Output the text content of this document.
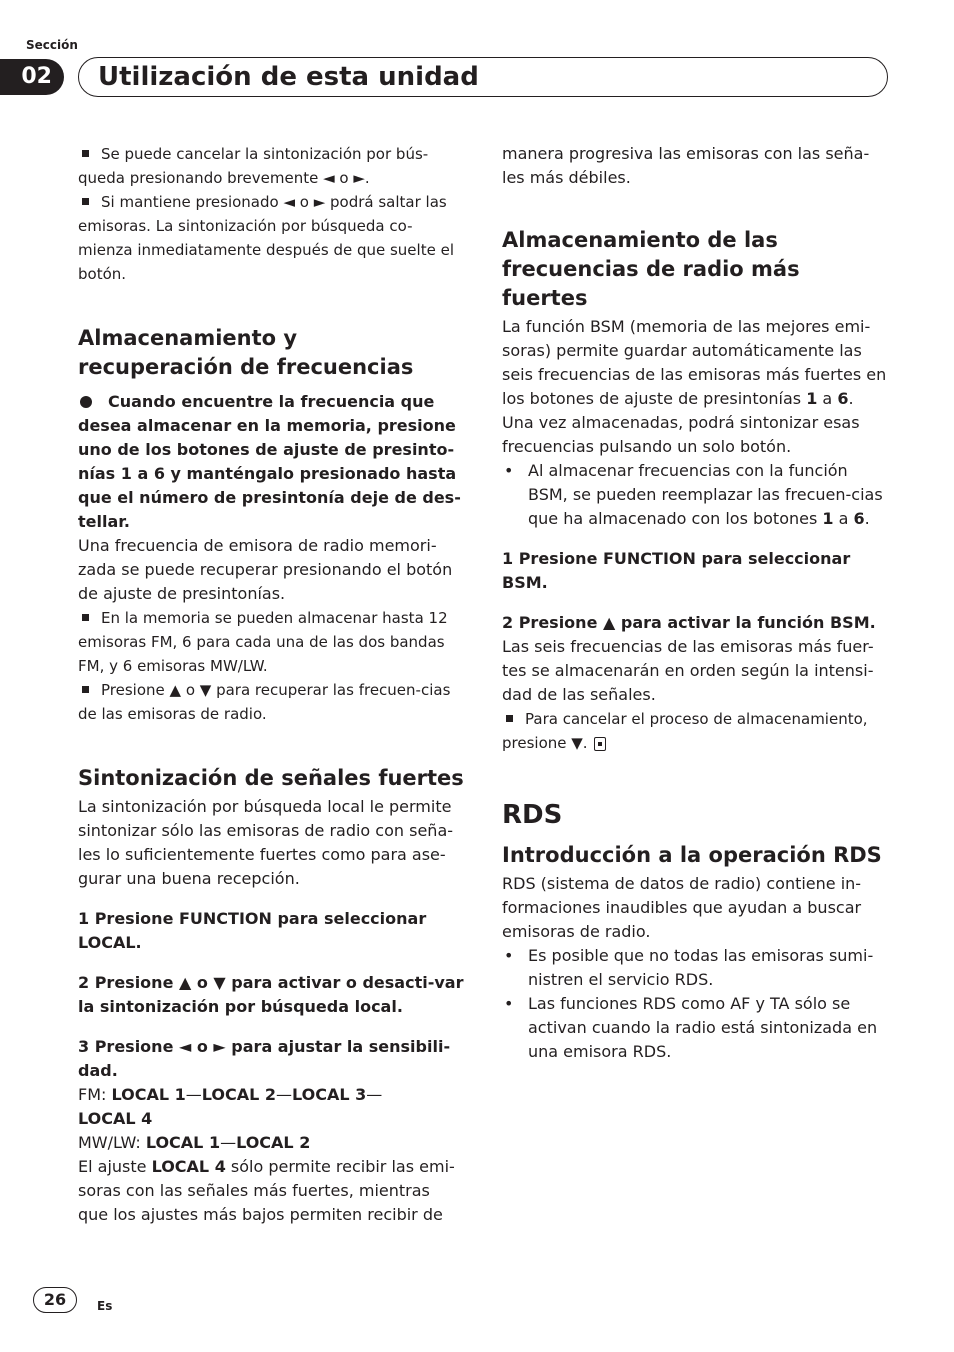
Sección
02	Utilización de esta unidad

Se puede cancelar la sintonización por bús-queda presionando brevemente ◄ o ►.

Si mantiene presionado ◄ o ► podrá saltar las emisoras. La sintonización por búsqueda co-mienza inmediatamente después de que suelte el botón.

Almacenamiento y
recuperación de frecuencias

Cuando encuentre la frecuencia que desea almacenar en la memoria, presione uno de los botones de ajuste de presinto-nías 1 a 6 y manténgalo presionado hasta que el número de presintonía deje de des-tellar.

Una frecuencia de emisora de radio memori-zada se puede recuperar presionando el botón de ajuste de presintonías.

En la memoria se pueden almacenar hasta 12 emisoras FM, 6 para cada una de las dos bandas FM, y 6 emisoras MW/LW.

Presione ▲ o ▼ para recuperar las frecuen-cias de las emisoras de radio.

Sintonización de señales fuertes

La sintonización por búsqueda local le permite sintonizar sólo las emisoras de radio con seña-les lo suficientemente fuertes como para ase-gurar una buena recepción.

1 Presione FUNCTION para seleccionar LOCAL.

2 Presione ▲ o ▼ para activar o desacti-var la sintonización por búsqueda local.

3 Presione ◄ o ► para ajustar la sensibili-dad.

FM: LOCAL 1—LOCAL 2—LOCAL 3—
LOCAL 4

MW/LW: LOCAL 1—LOCAL 2

El ajuste LOCAL 4 sólo permite recibir las emi-soras con las señales más fuertes, mientras que los ajustes más bajos permiten recibir de

manera progresiva las emisoras con las seña-les más débiles.

Almacenamiento de las
frecuencias de radio más fuertes

La función BSM (memoria de las mejores emi-soras) permite guardar automáticamente las seis frecuencias de las emisoras más fuertes en los botones de ajuste de presintonías 1 a 6. Una vez almacenadas, podrá sintonizar esas frecuencias pulsando un solo botón.

• Al almacenar frecuencias con la función BSM, se pueden reemplazar las frecuen-cias que ha almacenado con los botones 1 a 6.

1 Presione FUNCTION para seleccionar BSM.

2 Presione ▲ para activar la función BSM.

Las seis frecuencias de las emisoras más fuer-tes se almacenarán en orden según la intensi-dad de las señales.

Para cancelar el proceso de almacenamiento, presione ▼.

RDS
Introducción a la operación RDS

RDS (sistema de datos de radio) contiene in-formaciones inaudibles que ayudan a buscar emisoras de radio.

• Es posible que no todas las emisoras sumi-nistren el servicio RDS.
• Las funciones RDS como AF y TA sólo se activan cuando la radio está sintonizada en una emisora RDS.
26	Es
